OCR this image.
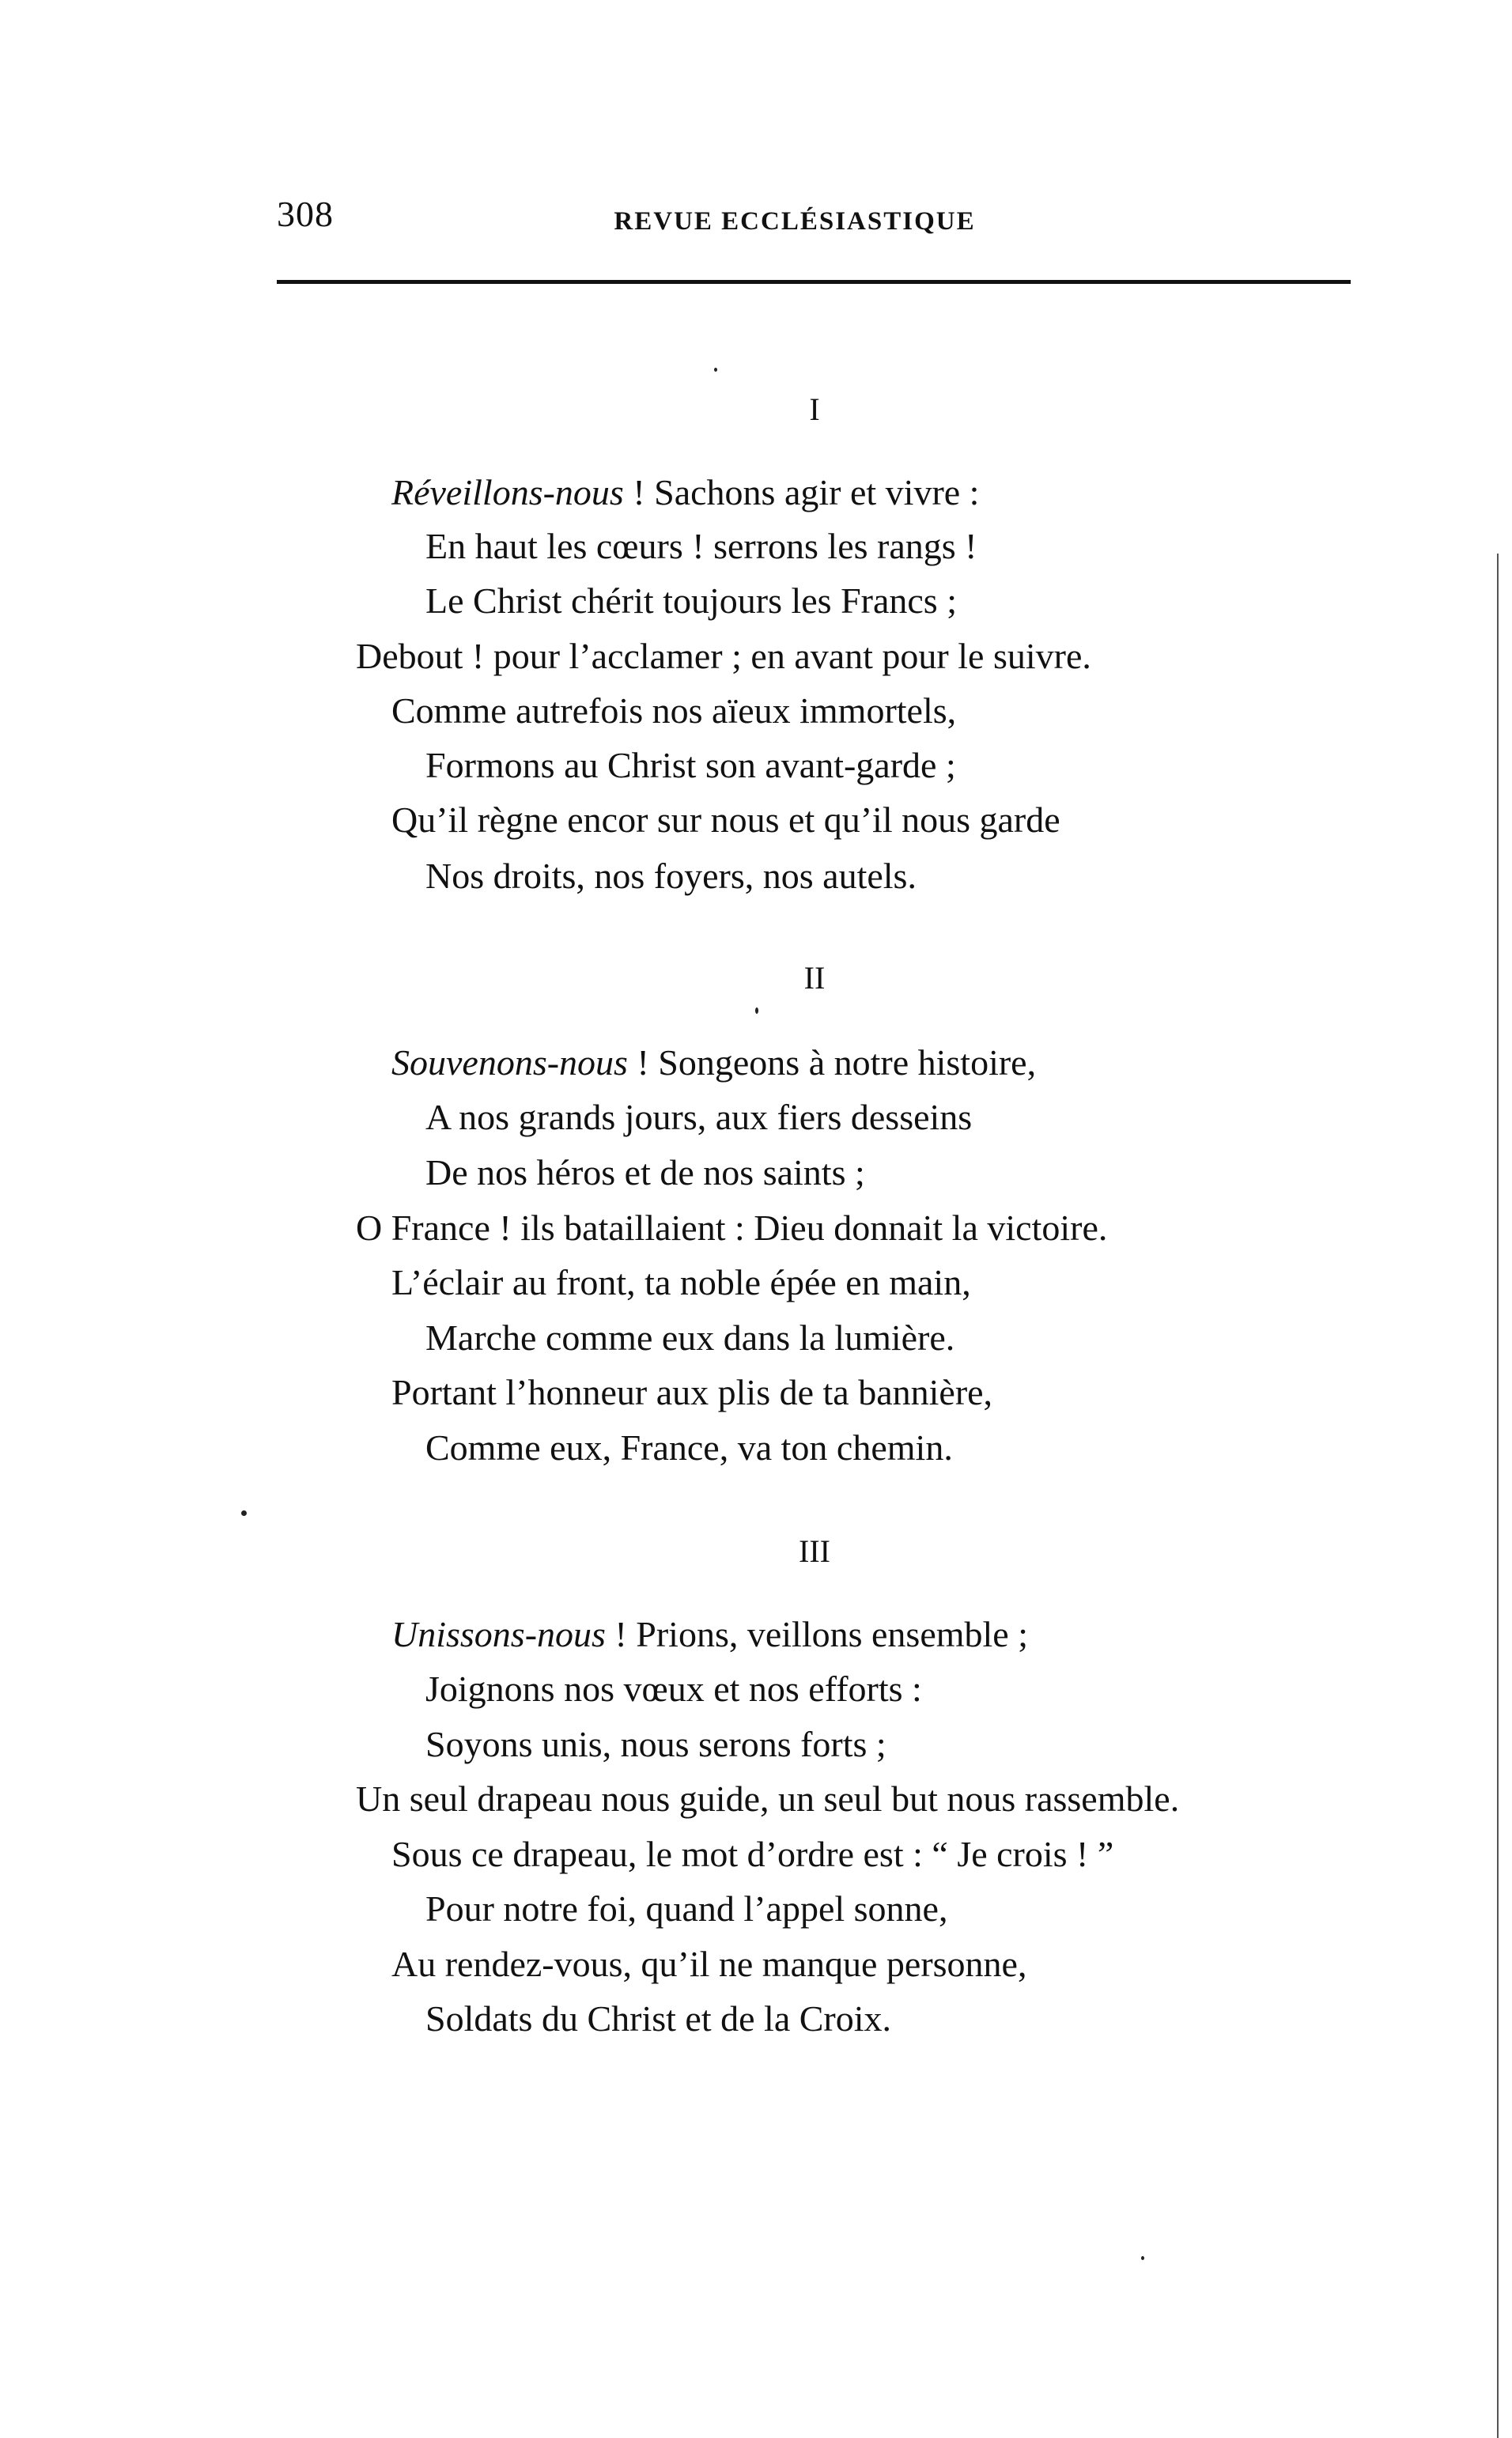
308	REVUE ECCLÉSIASTIQUE
I
Réveillons-nous ! Sachons agir et vivre :
En haut les cœurs ! serrons les rangs !
Le Christ chérit toujours les Francs ;
Debout ! pour l’acclamer ; en avant pour le suivre.
Comme autrefois nos aïeux immortels,
Formons au Christ son avant-garde ;
Qu’il règne encor sur nous et qu’il nous garde
Nos droits, nos foyers, nos autels.
II
Souvenons-nous ! Songeons à notre histoire,
A nos grands jours, aux fiers desseins
De nos héros et de nos saints ;
O France ! ils bataillaient : Dieu donnait la victoire.
L’éclair au front, ta noble épée en main,
Marche comme eux dans la lumière.
Portant l’honneur aux plis de ta bannière,
Comme eux, France, va ton chemin.
III
Unissons-nous ! Prions, veillons ensemble ;
Joignons nos vœux et nos efforts :
Soyons unis, nous serons forts ;
Un seul drapeau nous guide, un seul but nous rassemble.
Sous ce drapeau, le mot d’ordre est : “ Je crois ! ”
Pour notre foi, quand l’appel sonne,
Au rendez-vous, qu’il ne manque personne,
Soldats du Christ et de la Croix.
